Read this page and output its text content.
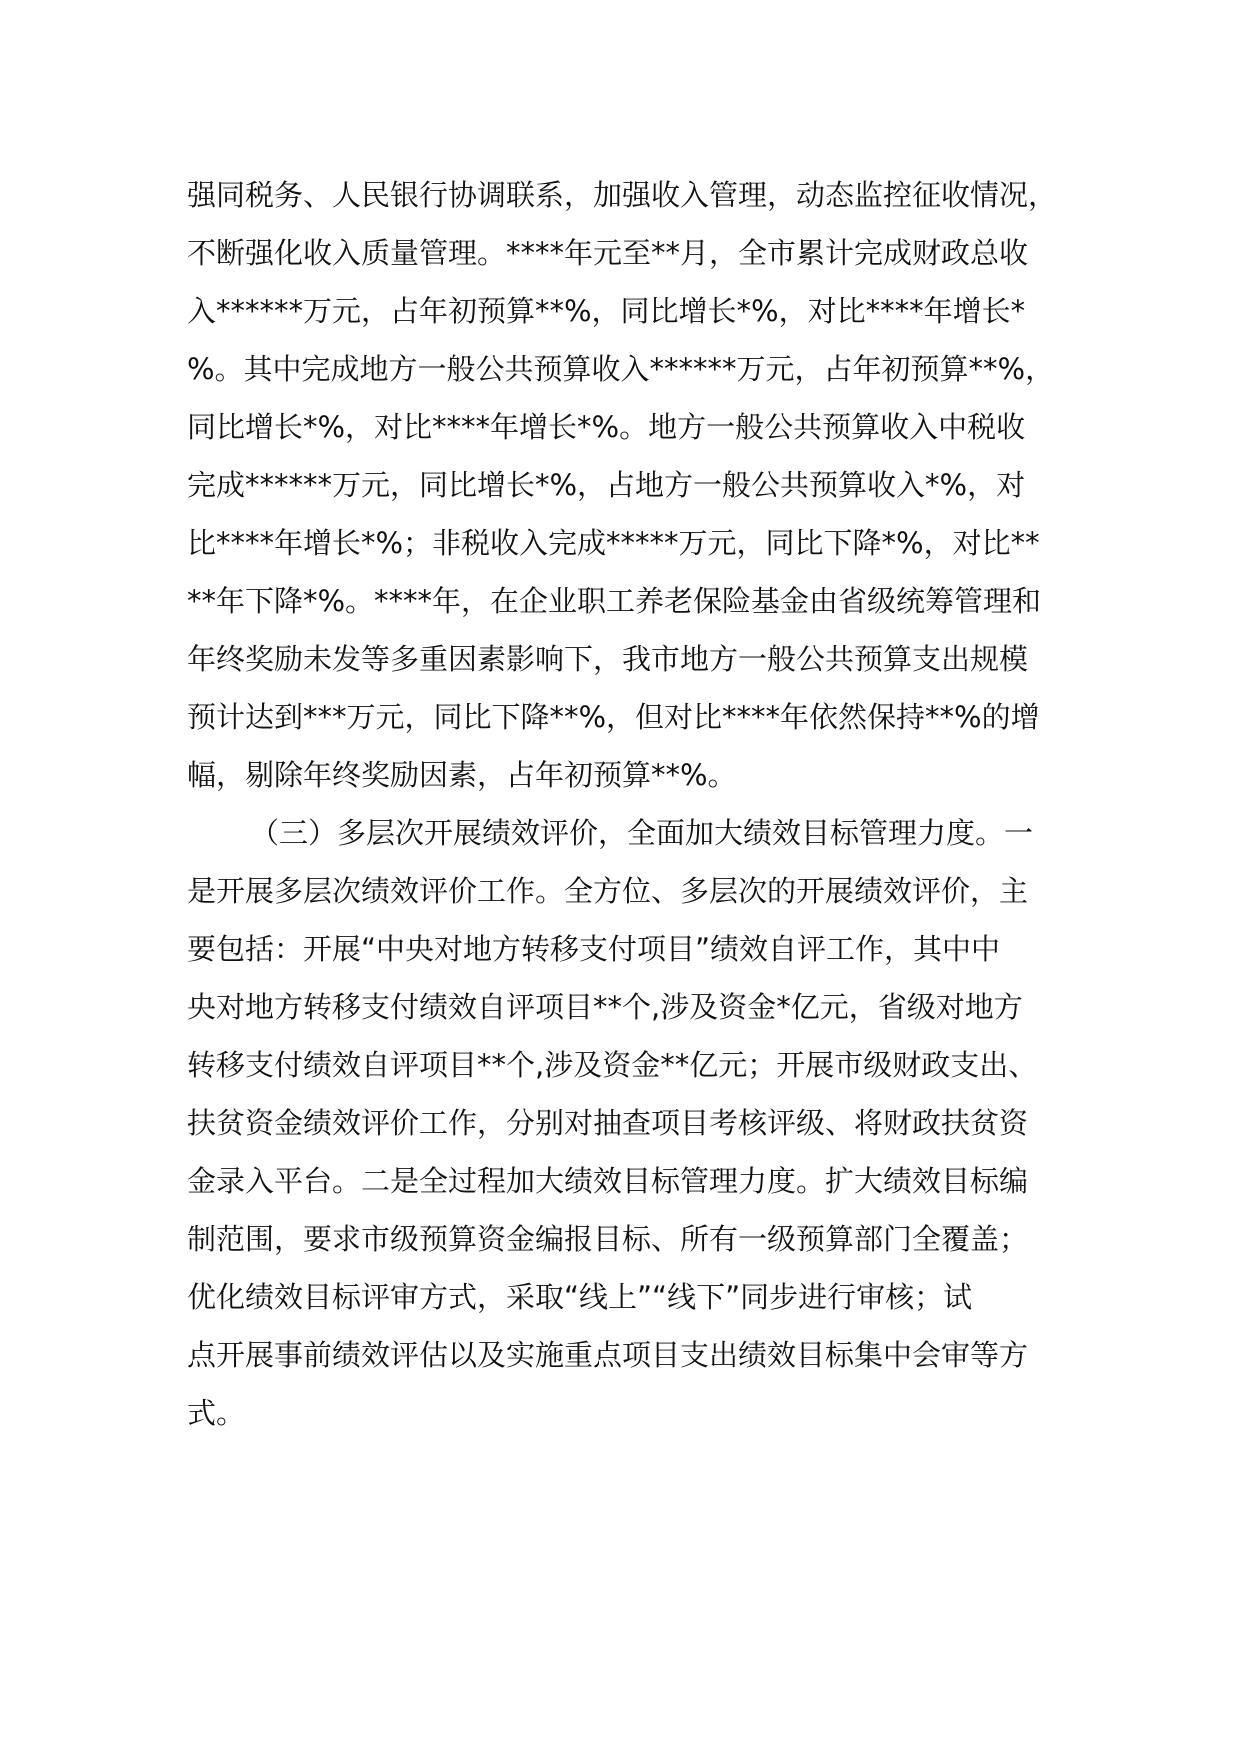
强同税务、人民银行协调联系，加强收入管理，动态监控征收情况，
不断强化收入质量管理。****年元至**月，全市累计完成财政总收
入******万元，占年初预算**%，同比增长*%，对比****年增长*
%。其中完成地方一般公共预算收入******万元，占年初预算**%，
同比增长*%，对比****年增长*%。地方一般公共预算收入中税收
完成******万元，同比增长*%，占地方一般公共预算收入*%，对
比****年增长*%；非税收入完成*****万元，同比下降*%，对比**
**年下降*%。****年，在企业职工养老保险基金由省级统筹管理和
年终奖励未发等多重因素影响下，我市地方一般公共预算支出规模
预计达到***万元，同比下降**%，但对比****年依然保持**%的增
幅，剔除年终奖励因素，占年初预算**%。
（三）多层次开展绩效评价，全面加大绩效目标管理力度。一
是开展多层次绩效评价工作。全方位、多层次的开展绩效评价，主
要包括：开展“中央对地方转移支付项目”绩效自评工作，其中中
央对地方转移支付绩效自评项目**个,涉及资金*亿元，省级对地方
转移支付绩效自评项目**个,涉及资金**亿元；开展市级财政支出、
扶贫资金绩效评价工作，分别对抽查项目考核评级、将财政扶贫资
金录入平台。二是全过程加大绩效目标管理力度。扩大绩效目标编
制范围，要求市级预算资金编报目标、所有一级预算部门全覆盖；
优化绩效目标评审方式，采取“线上”“线下”同步进行审核；试
点开展事前绩效评估以及实施重点项目支出绩效目标集中会审等方
式。
